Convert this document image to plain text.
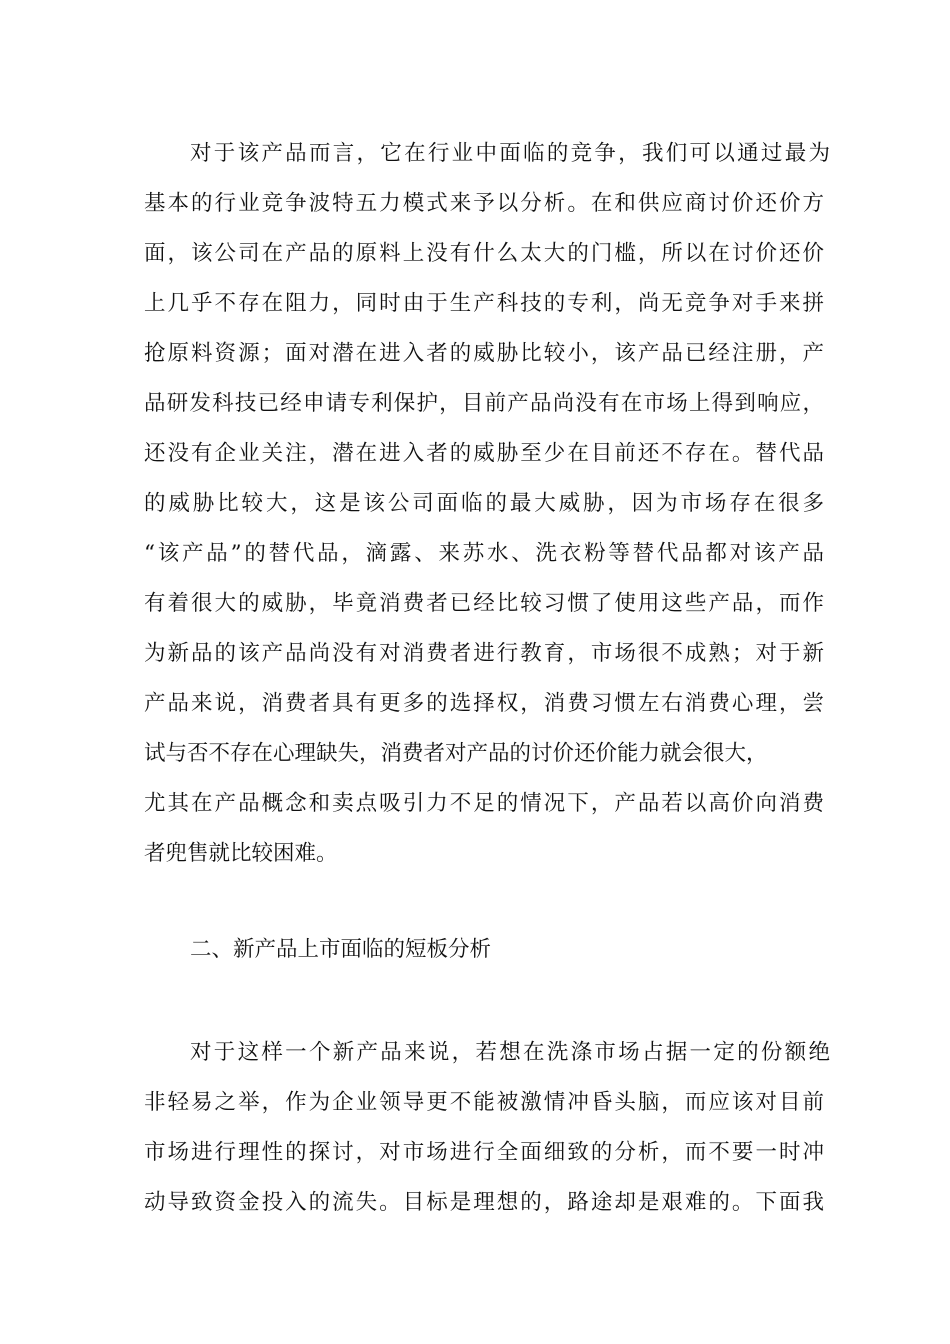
对于该产品而言，它在行业中面临的竞争，我们可以通过最为
基本的行业竞争波特五力模式来予以分析。在和供应商讨价还价方
面，该公司在产品的原料上没有什么太大的门槛，所以在讨价还价
上几乎不存在阻力，同时由于生产科技的专利，尚无竞争对手来拼
抢原料资源；面对潜在进入者的威胁比较小，该产品已经注册，产
品研发科技已经申请专利保护，目前产品尚没有在市场上得到响应，
还没有企业关注，潜在进入者的威胁至少在目前还不存在。替代品
的威胁比较大，这是该公司面临的最大威胁，因为市场存在很多
“该产品”的替代品，滴露、来苏水、洗衣粉等替代品都对该产品
有着很大的威胁，毕竟消费者已经比较习惯了使用这些产品，而作
为新品的该产品尚没有对消费者进行教育，市场很不成熟；对于新
产品来说，消费者具有更多的选择权，消费习惯左右消费心理，尝
试与否不存在心理缺失，消费者对产品的讨价还价能力就会很大，
尤其在产品概念和卖点吸引力不足的情况下，产品若以高价向消费
者兜售就比较困难。
二、新产品上市面临的短板分析
对于这样一个新产品来说，若想在洗涤市场占据一定的份额绝
非轻易之举，作为企业领导更不能被激情冲昏头脑，而应该对目前
市场进行理性的探讨，对市场进行全面细致的分析，而不要一时冲
动导致资金投入的流失。目标是理想的，路途却是艰难的。下面我
